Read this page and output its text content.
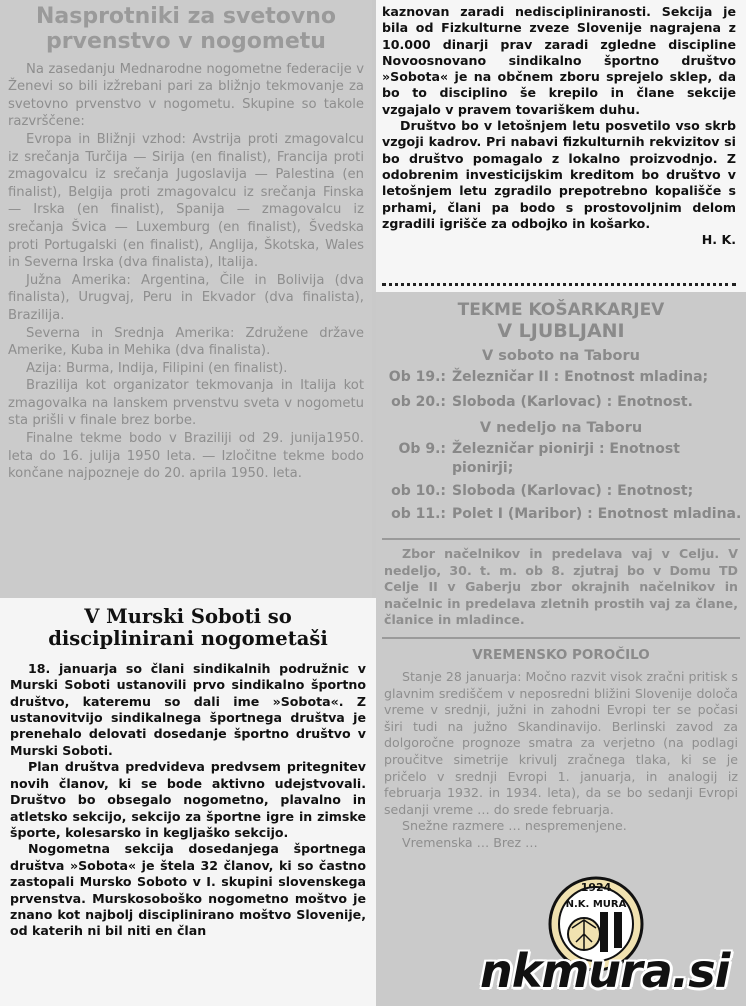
Nasprotniki za svetovno prvenstvo v nogometu

Na zasedanju Mednarodne nogometne federacije v Ženevi so bili izžrebani pari za bližnjo tekmovanje za svetovno prvenstvo v nogometu. Skupine so takole razvrščene:

Evropa in Bližnji vzhod: Avstrija proti zmagovalcu iz srečanja Turčija — Sirija (en finalist), Francija proti zmagovalcu iz srečanja Jugoslavija — Palestina (en finalist), Belgija proti zmagovalcu iz srečanja Finska — Irska (en finalist), Spanija — zmagovalcu iz srečanja Švica — Luxemburg (en finalist), Švedska proti Portugalski (en finalist), Anglija, Škotska, Wales in Severna Irska (dva finalista), Italija.

Južna Amerika: Argentina, Čile in Bolivija (dva finalista), Urugvaj, Peru in Ekvador (dva finalista), Brazilija.

Severna in Srednja Amerika: Združene države Amerike, Kuba in Mehika (dva finalista).

Azija: Burma, Indija, Filipini (en finalist).

Brazilija kot organizator tekmovanja in Italija kot zmagovalka na lanskem prvenstvu sveta v nogometu sta prišli v finale brez borbe.

Finalne tekme bodo v Braziliji od 29. junija1950. leta do 16. julija 1950 leta. — Izločitne tekme bodo končane najpozneje do 20. aprila 1950. leta.

V Murski Soboti so
disciplinirani nogometaši

18. januarja so člani sindikalnih podružnic v Murski Soboti ustanovili prvo sindikalno športno društvo, kateremu so dali ime »Sobota«. Z ustanovitvijo sindikalnega športnega društva je prenehalo delovati dosedanje športno društvo v Murski Soboti.

Plan društva predvideva predvsem pritegnitev novih članov, ki se bode aktivno udejstvovali. Društvo bo obsegalo nogometno, plavalno in atletsko sekcijo, sekcijo za športne igre in zimske športe, kolesarsko in kegljaško sekcijo.

Nogometna sekcija dosedanjega športnega društva »Sobota« je štela 32 članov, ki so častno zastopali Mursko Soboto v I. skupini slovenskega prvenstva. Murskosoboško nogometno moštvo je znano kot najbolj disciplinirano moštvo Slovenije, od katerih ni bil niti en član

kaznovan zaradi nediscipliniranosti. Sekcija je bila od Fizkulturne zveze Slovenije nagrajena z 10.000 dinarji prav zaradi zgledne discipline Novoosnovano sindikalno športno društvo »Sobota« je na občnem zboru sprejelo sklep, da bo to disciplino še krepilo in člane sekcije vzgajalo v pravem tovariškem duhu.

Društvo bo v letošnjem letu posvetilo vso skrb vzgoji kadrov. Pri nabavi fizkulturnih rekvizitov si bo društvo pomagalo z lokalno proizvodnjo. Z odobrenim investicijskim kreditom bo društvo v letošnjem letu zgradilo prepotrebno kopališče s prhami, člani pa bodo s prostovoljnim delom zgradili igrišče za odbojko in košarko.

H. K.
TEKME KOŠARKARJEV
V LJUBLJANI
V soboto na Taboru
Ob 19.: Železničar II : Enotnost mladina;
ob 20.: Sloboda (Karlovac) : Enotnost.
V nedeljo na Taboru
Ob 9.: Železničar pionirji : Enotnost pionirji;
ob 10.: Sloboda (Karlovac) : Enotnost;
ob 11.: Polet I (Maribor) : Enotnost mladina.

Zbor načelnikov in predelava vaj v Celju. V nedeljo, 30. t. m. ob 8. zjutraj bo v Domu TD Celje II v Gaberju zbor okrajnih načelnikov in načelnic in predelava zletnih prostih vaj za člane, članice in mladince.

VREMENSKO POROČILO

Stanje 28 januarja: Močno razvit visok zračni pritisk s glavnim središčem v neposredni bližini Slovenije določa vreme v srednji, južni in zahodni Evropi ter se počasi širi tudi na južno Skandinavijo. Berlinski zavod za dolgoročne prognoze smatra za verjetno (na podlagi proučitve simetrije krivulj zračnega tlaka, ki se je pričelo v srednji Evropi 1. januarja, in analogij iz februarja 1932. in 1934. leta), da se bo sedanji Evropi sedanji vreme … do srede februarja.

Snežne razmere … nespremenjene.

Vremenska … Brez …

1924
N.K. MURA
nkmura.si
